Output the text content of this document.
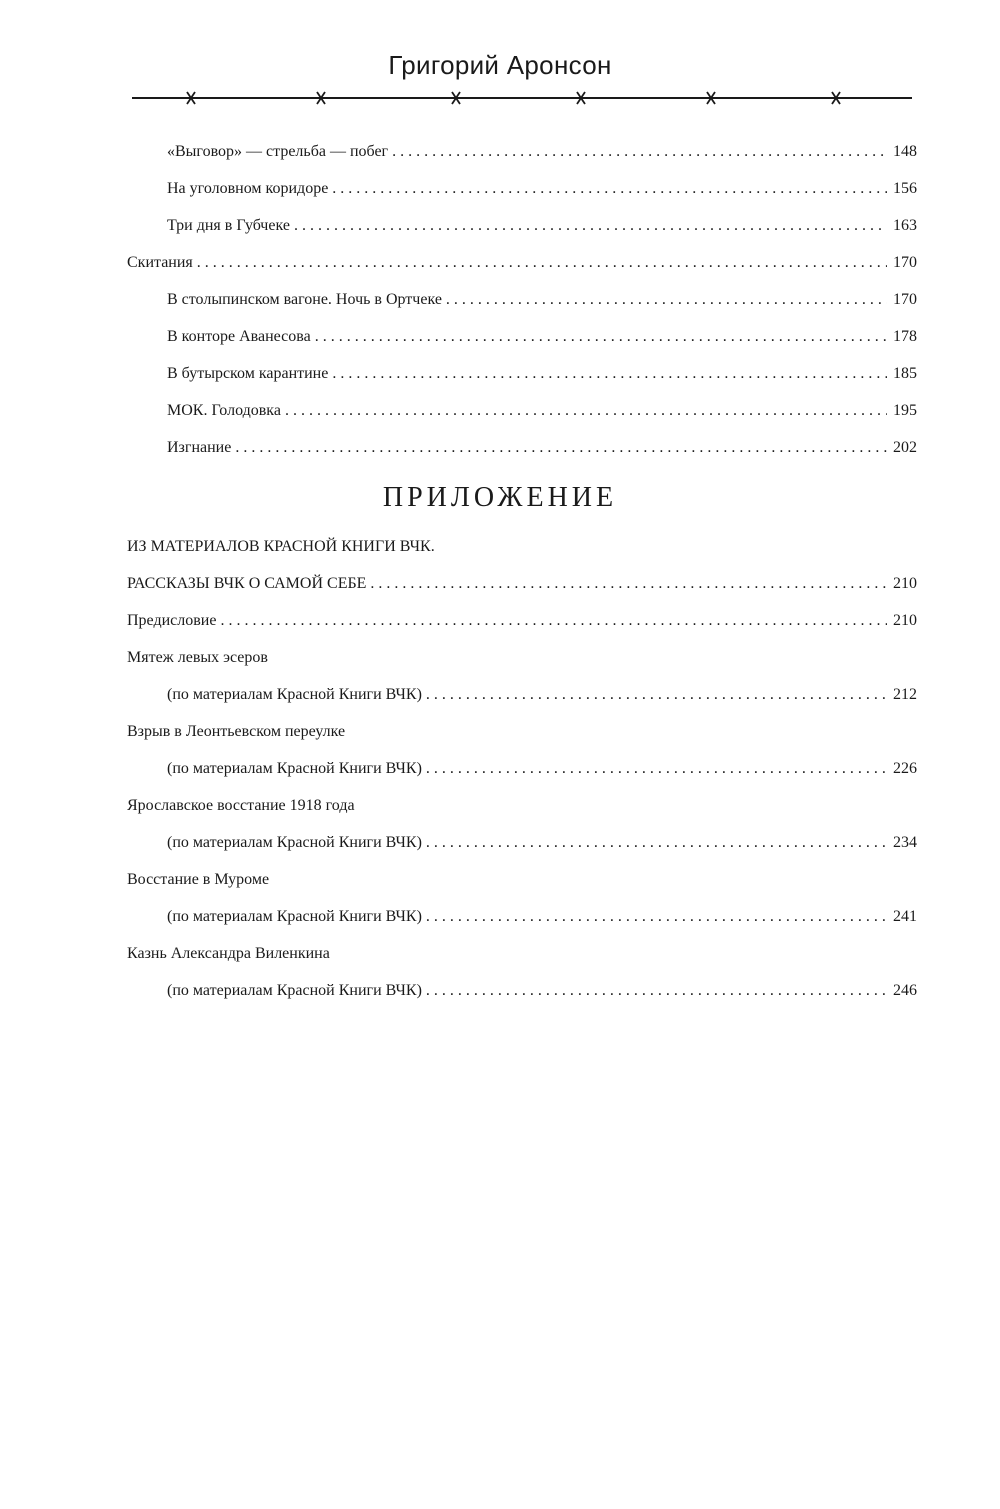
Григорий Аронсон
«Выговор» — стрельба — побег .....	148
На уголовном коридоре .....	156
Три дня в Губчеке .....	163
Скитания .....	170
В столыпинском вагоне. Ночь в Ортчеке .....	170
В конторе Аванесова .....	178
В бутырском карантине .....	185
МОК. Голодовка .....	195
Изгнание .....	202
ПРИЛОЖЕНИЕ
ИЗ МАТЕРИАЛОВ КРАСНОЙ КНИГИ ВЧК.
РАССКАЗЫ ВЧК О САМОЙ СЕБЕ .....	210
Предисловие .....	210
Мятеж левых эсеров
(по материалам Красной Книги ВЧК) .....	212
Взрыв в Леонтьевском переулке
(по материалам Красной Книги ВЧК) .....	226
Ярославское восстание 1918 года
(по материалам Красной Книги ВЧК) .....	234
Восстание в Муроме
(по материалам Красной Книги ВЧК) .....	241
Казнь Александра Виленкина
(по материалам Красной Книги ВЧК) .....	246
